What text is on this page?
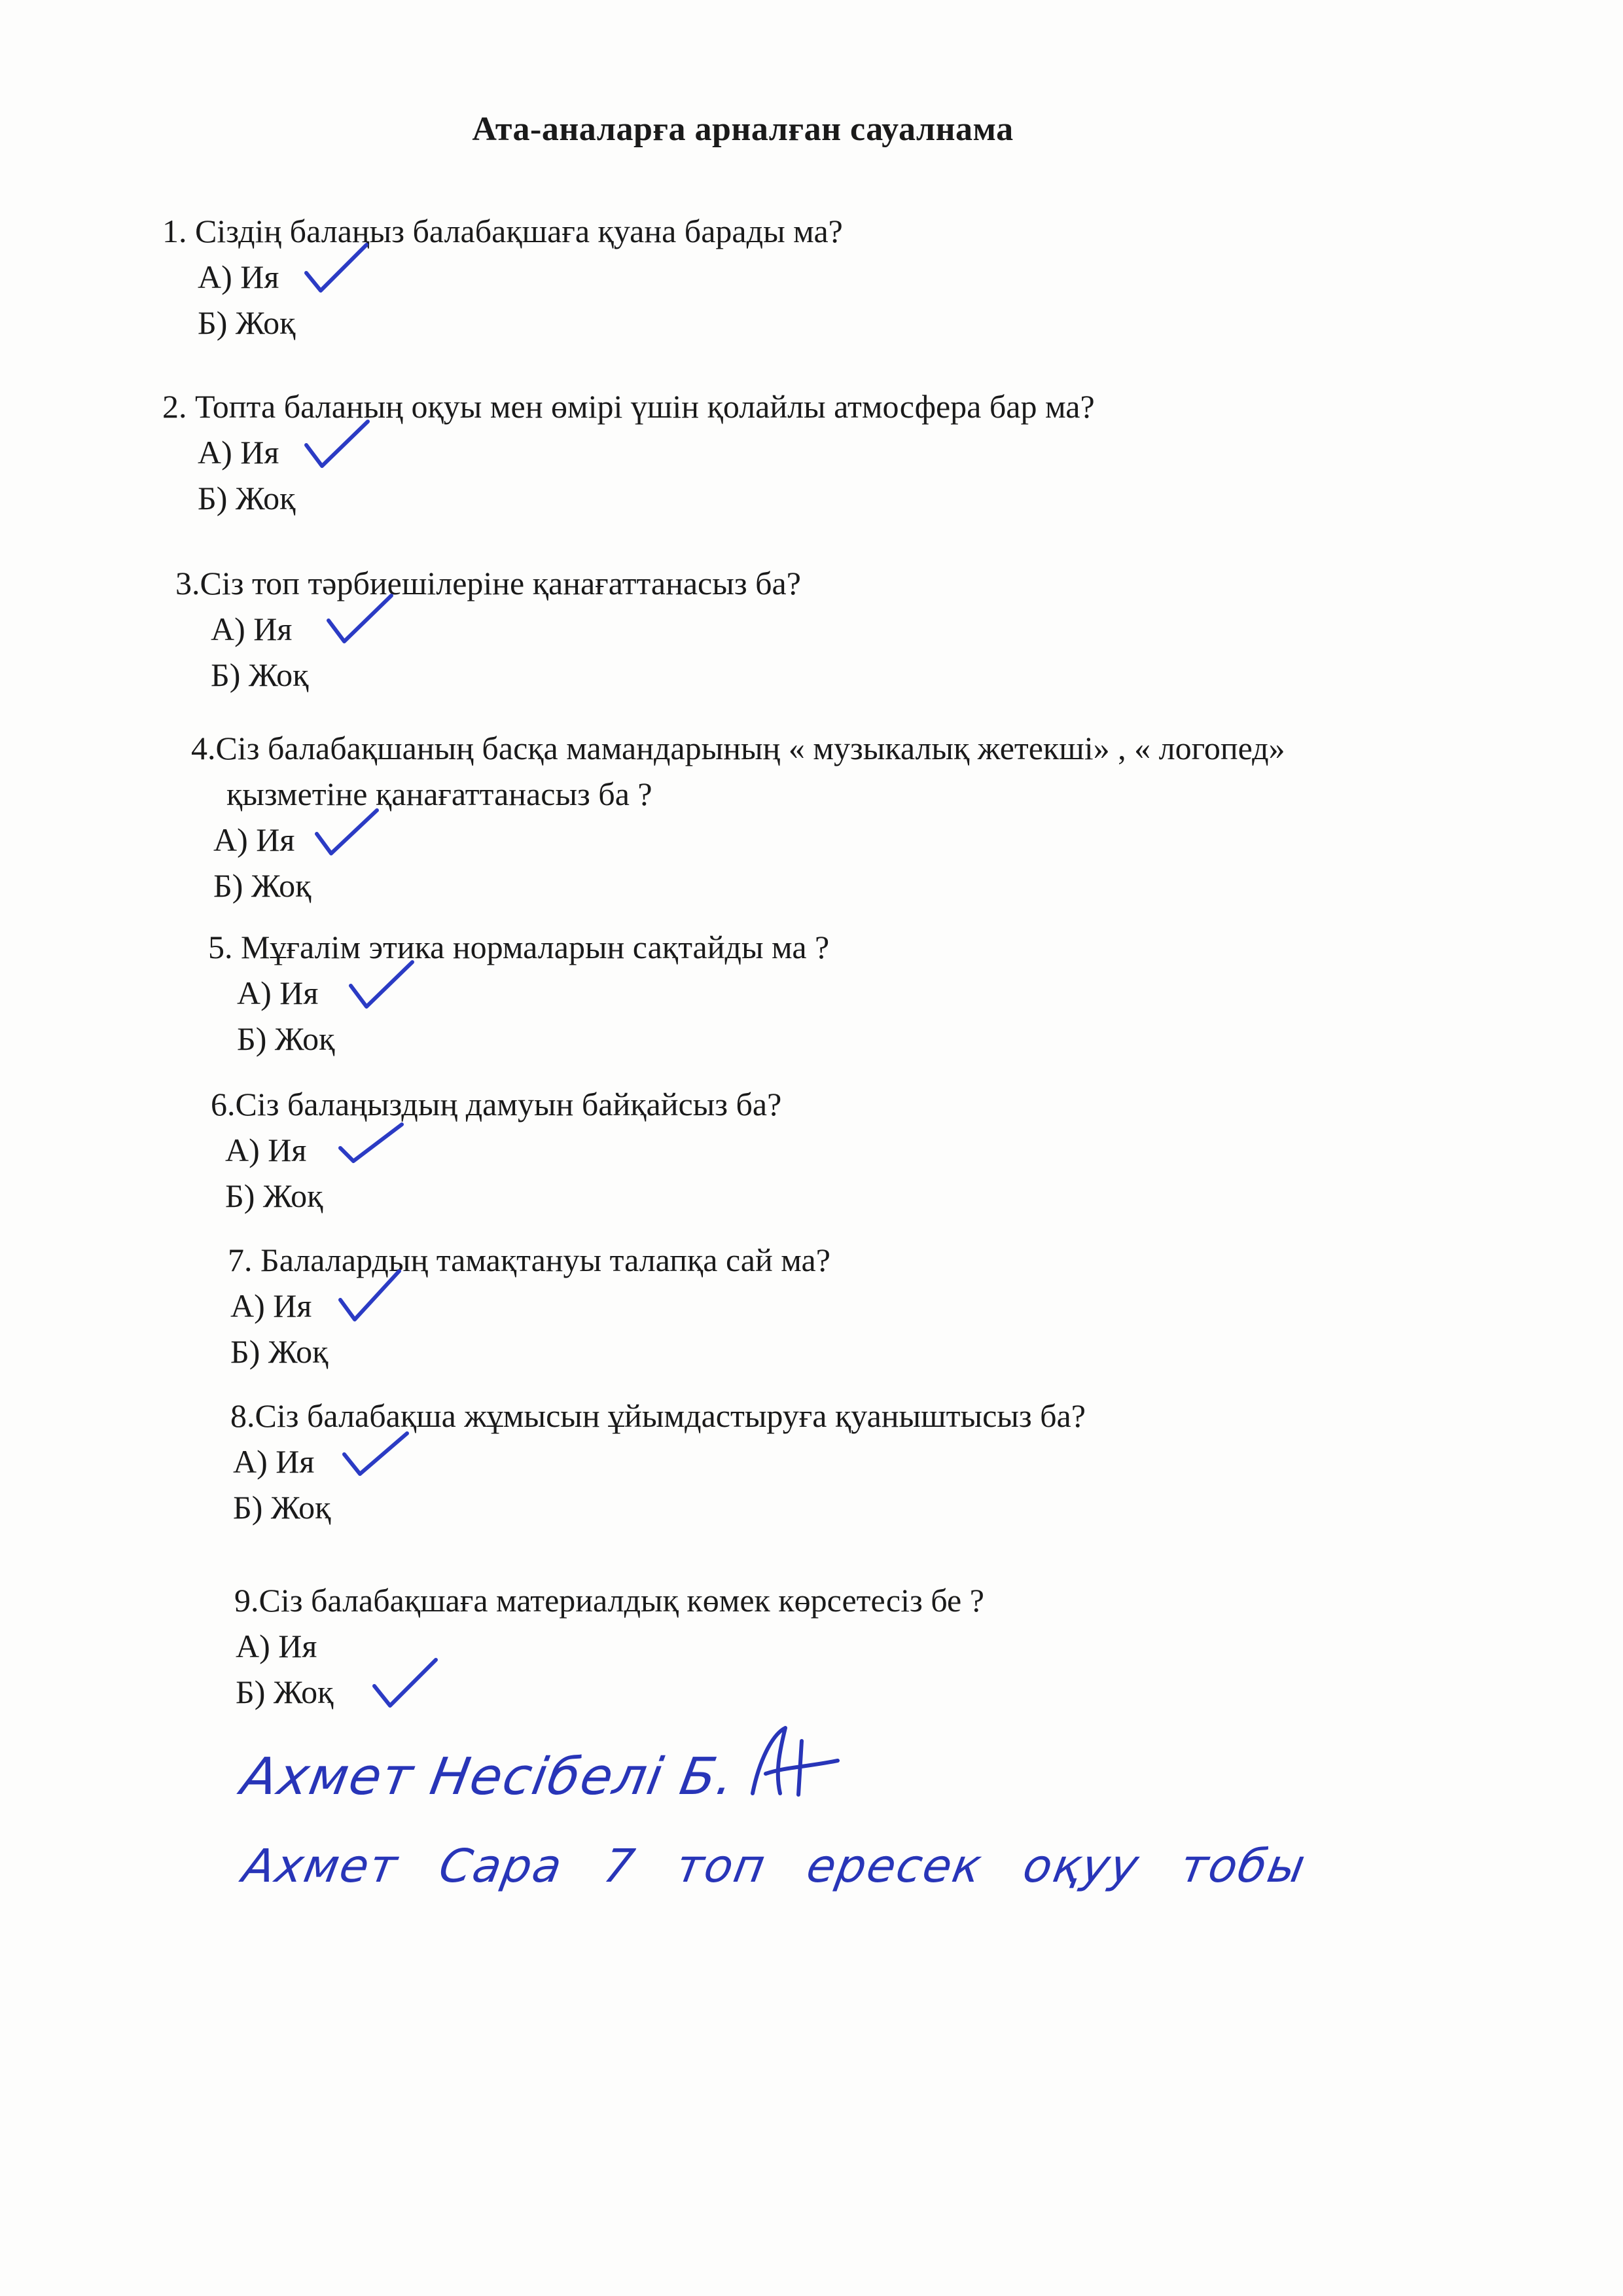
Ата-аналарға арналған сауалнама
1. Сіздің балаңыз балабақшаға қуана барады ма?
А) Ия
Б) Жоқ
2. Топта баланың оқуы мен өмірі үшін қолайлы атмосфера бар ма?
А) Ия
Б) Жоқ
3.Сіз топ тәрбиешілеріне қанағаттанасыз ба?
А) Ия
Б) Жоқ
4.Сіз балабақшаның басқа мамандарының « музыкалық жетекші» , « логопед»
қызметіне қанағаттанасыз ба ?
А) Ия
Б) Жоқ
5. Мұғалім этика нормаларын сақтайды ма ?
А) Ия
Б) Жоқ
6.Сіз балаңыздың дамуын байқайсыз ба?
А) Ия
Б) Жоқ
7. Балалардың тамақтануы талапқа сай ма?
А) Ия
Б) Жоқ
8.Сіз балабақша жұмысын ұйымдастыруға қуаныштысыз ба?
А) Ия
Б) Жоқ
9.Сіз балабақшаға материалдық көмек көрсетесіз бе ?
А) Ия
Б) Жоқ
Ахмет Несібелі Б.
Ахмет Сара 7 топ ересек оқуу тобы
